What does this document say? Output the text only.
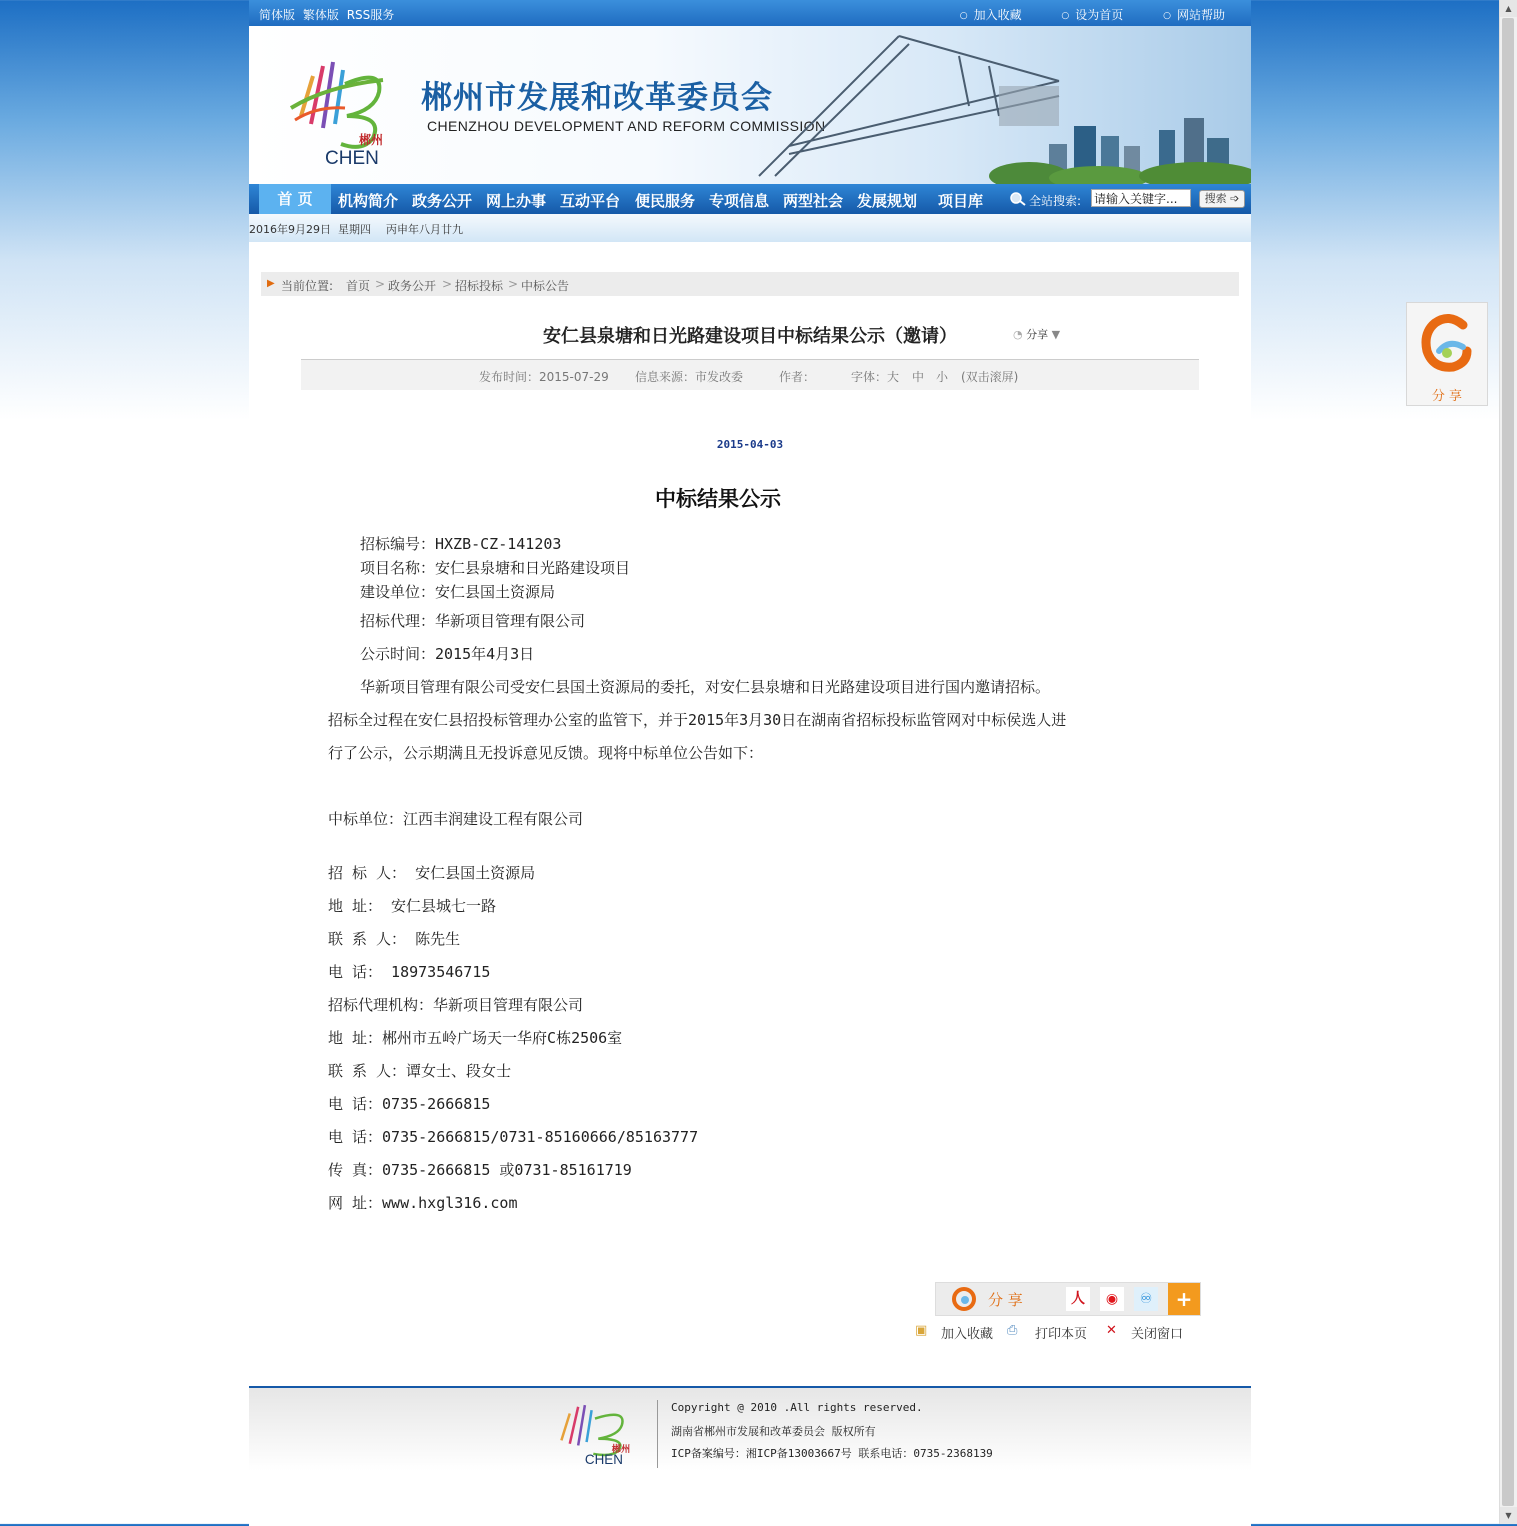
▲
▼
简体版 繁体版 RSS服务	○ 加入收藏	○ 设为首页	○ 网站帮助
郴州
CHEN
郴州市发展和改革委员会
CHENZHOU DEVELOPMENT AND REFORM COMMISSION
首 页	机构简介 政务公开 网上办事 互动平台 便民服务 专项信息 两型社会 发展规划 项目库	全站搜索:
请输入关键字...	搜索 ➩
2016年9月29日 星期四 丙申年八月廿九
▶ 当前位置: 首页 > 政务公开 > 招标投标 > 中标公告
安仁县泉塘和日光路建设项目中标结果公示（邀请）	◔ 分享 ▼
发布时间：2015-07-29 信息来源：市发改委	作者：	字体： 大 中 小 (双击滚屏)
2015-04-03
中标结果公示
招标编号：HXZB-CZ-141203
项目名称：安仁县泉塘和日光路建设项目
建设单位：安仁县国土资源局
招标代理：华新项目管理有限公司
公示时间：2015年4月3日
华新项目管理有限公司受安仁县国土资源局的委托，对安仁县泉塘和日光路建设项目进行国内邀请招标。
招标全过程在安仁县招投标管理办公室的监管下，并于2015年3月30日在湖南省招标投标监管网对中标侯选人进
行了公示，公示期满且无投诉意见反馈。现将中标单位公告如下：
中标单位：江西丰润建设工程有限公司
招 标 人： 安仁县国土资源局
地 址： 安仁县城七一路
联 系 人： 陈先生
电 话： 18973546715
招标代理机构：华新项目管理有限公司
地 址：郴州市五岭广场天一华府C栋2506室
联 系 人：谭女士、段女士
电 话：0735-2666815
电 话：0735-2666815/0731-85160666/85163777
传 真：0735-2666815 或0731-85161719
网 址：www.hxgl316.com
分 享	人	◉	♾	+
▣ 加入收藏 ⎙ 打印本页 ✕ 关闭窗口
郴州
CHEN
Copyright @ 2010 .All rights reserved.
湖南省郴州市发展和改革委员会 版权所有
ICP备案编号：湘ICP备13003667号 联系电话：0735-2368139
分 享
